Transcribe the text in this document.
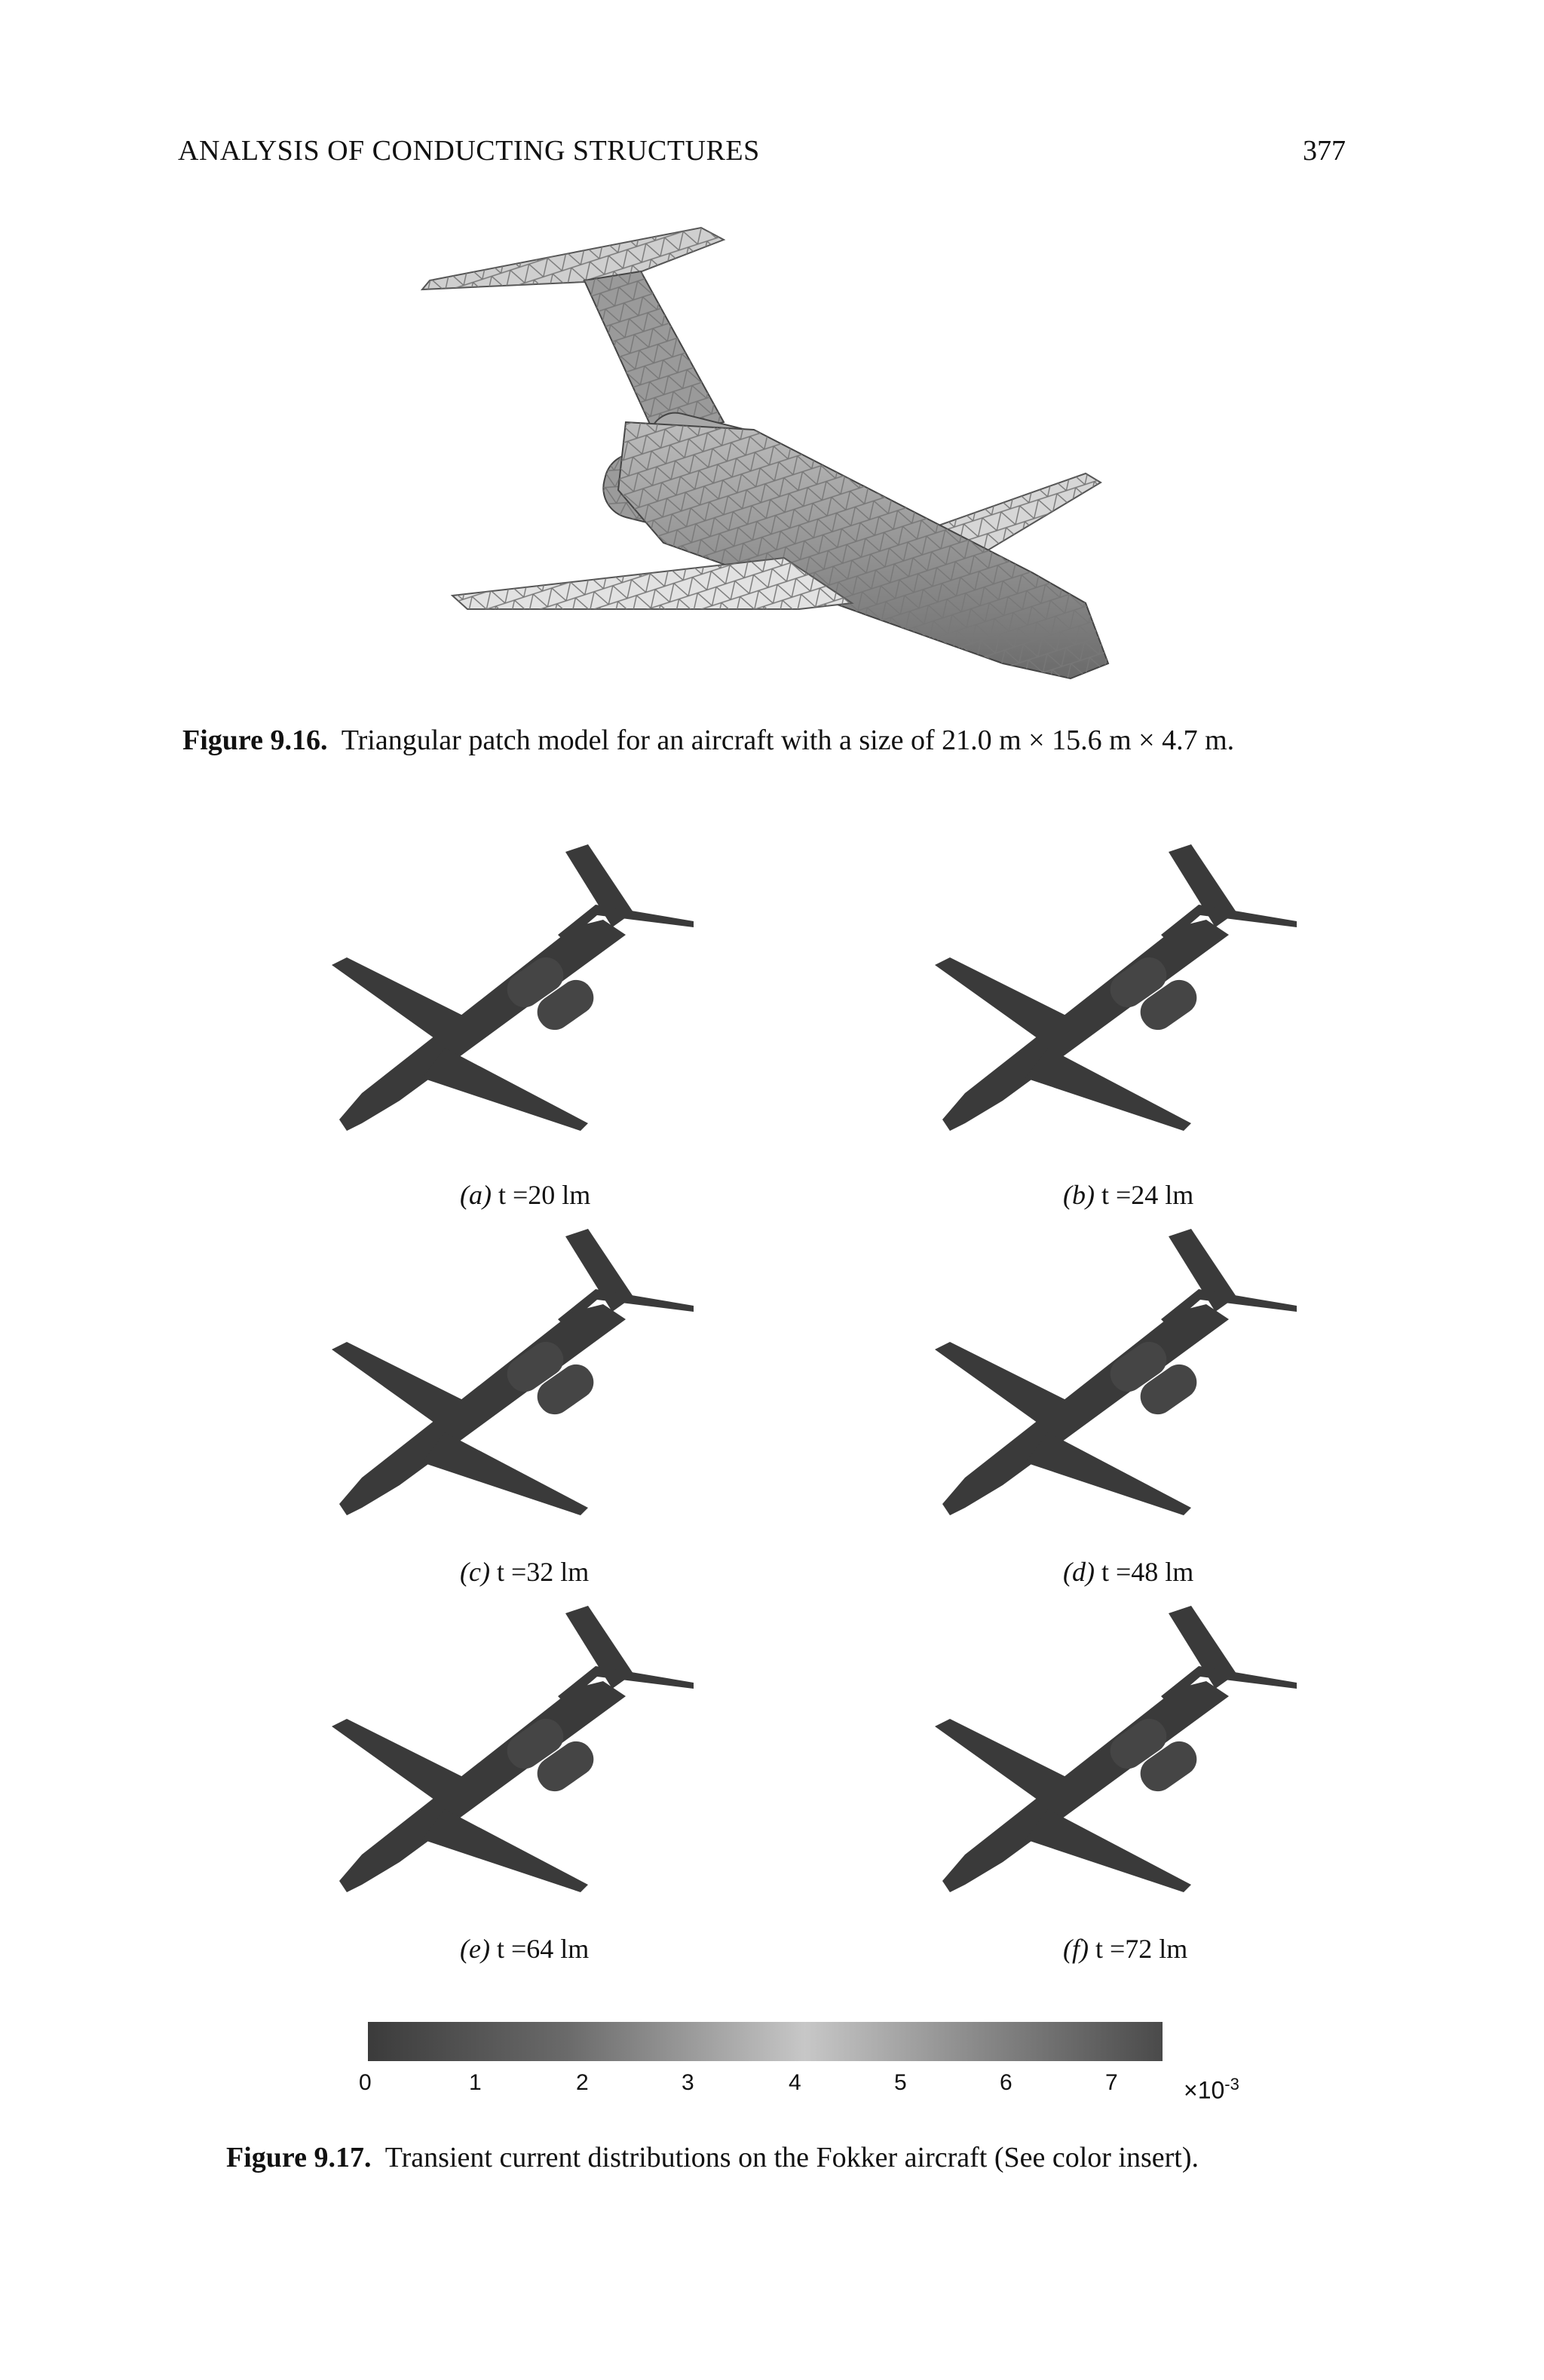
ANALYSIS OF CONDUCTING STRUCTURES	377
Figure 9.16. Triangular patch model for an aircraft with a size of 21.0 m × 15.6 m × 4.7 m.
(a) t =20 lm	(b) t =24 lm
(c) t =32 lm	(d) t =48 lm
(e) t =64 lm	(f) t =72 lm
0	1	2	3	4	5	6	7	$\times 10^{-3}$
Figure 9.17. Transient current distributions on the Fokker aircraft (See color insert).
